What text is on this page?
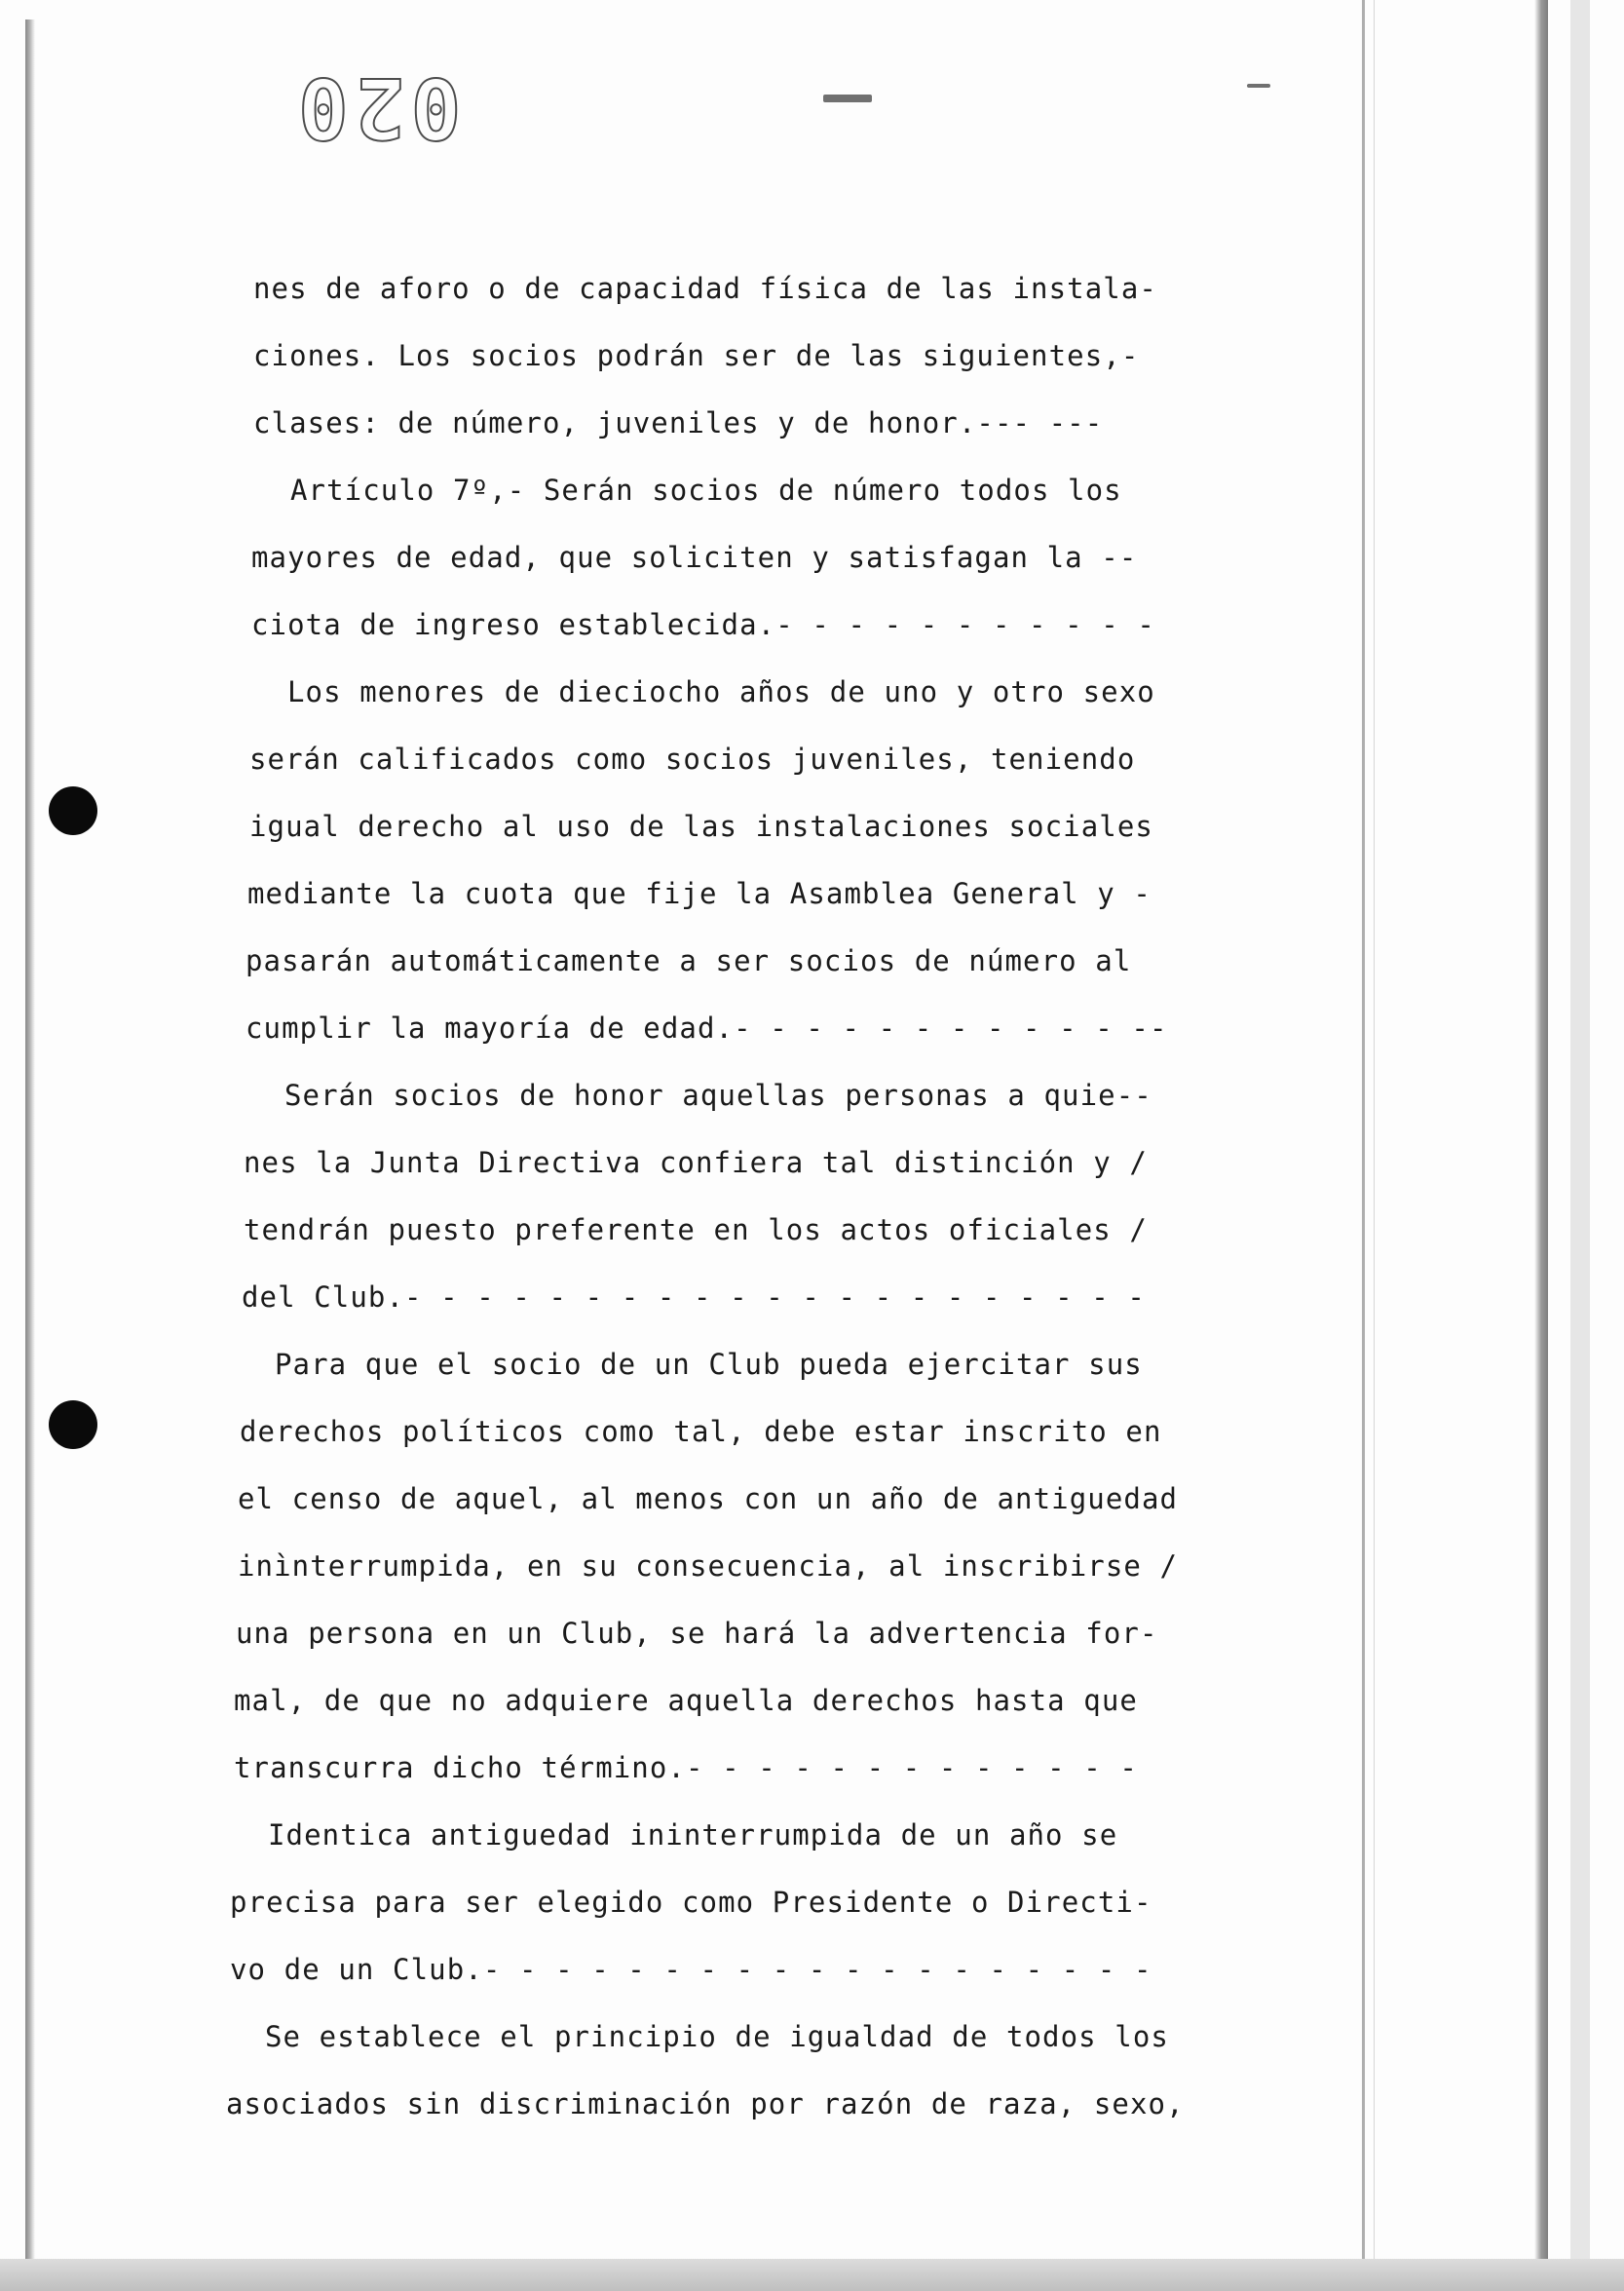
020
nes de aforo o de capacidad física de las instala-
ciones. Los socios podrán ser de las siguientes,-
clases: de número, juveniles y de honor.--- ---
Artículo 7º,- Serán socios de número todos los
mayores de edad, que soliciten y satisfagan la --
ciota de ingreso establecida.- - - - - - - - - - -
Los menores de dieciocho años de uno y otro sexo
serán calificados como socios juveniles, teniendo
igual derecho al uso de las instalaciones sociales
mediante la cuota que fije la Asamblea General y -
pasarán automáticamente a ser socios de número al
cumplir la mayoría de edad.- - - - - - - - - - - --
Serán socios de honor aquellas personas a quie--
nes la Junta Directiva confiera tal distinción y /
tendrán puesto preferente en los actos oficiales /
del Club.- - - - - - - - - - - - - - - - - - - - -
Para que el socio de un Club pueda ejercitar sus
derechos políticos como tal, debe estar inscrito en
el censo de aquel, al menos con un año de antiguedad
inìnterrumpida, en su consecuencia, al inscribirse /
una persona en un Club, se hará la advertencia for-
mal, de que no adquiere aquella derechos hasta que
transcurra dicho término.- - - - - - - - - - - - -
Identica antiguedad ininterrumpida de un año se
precisa para ser elegido como Presidente o Directi-
vo de un Club.- - - - - - - - - - - - - - - - - - -
Se establece el principio de igualdad de todos los
asociados sin discriminación por razón de raza, sexo,
